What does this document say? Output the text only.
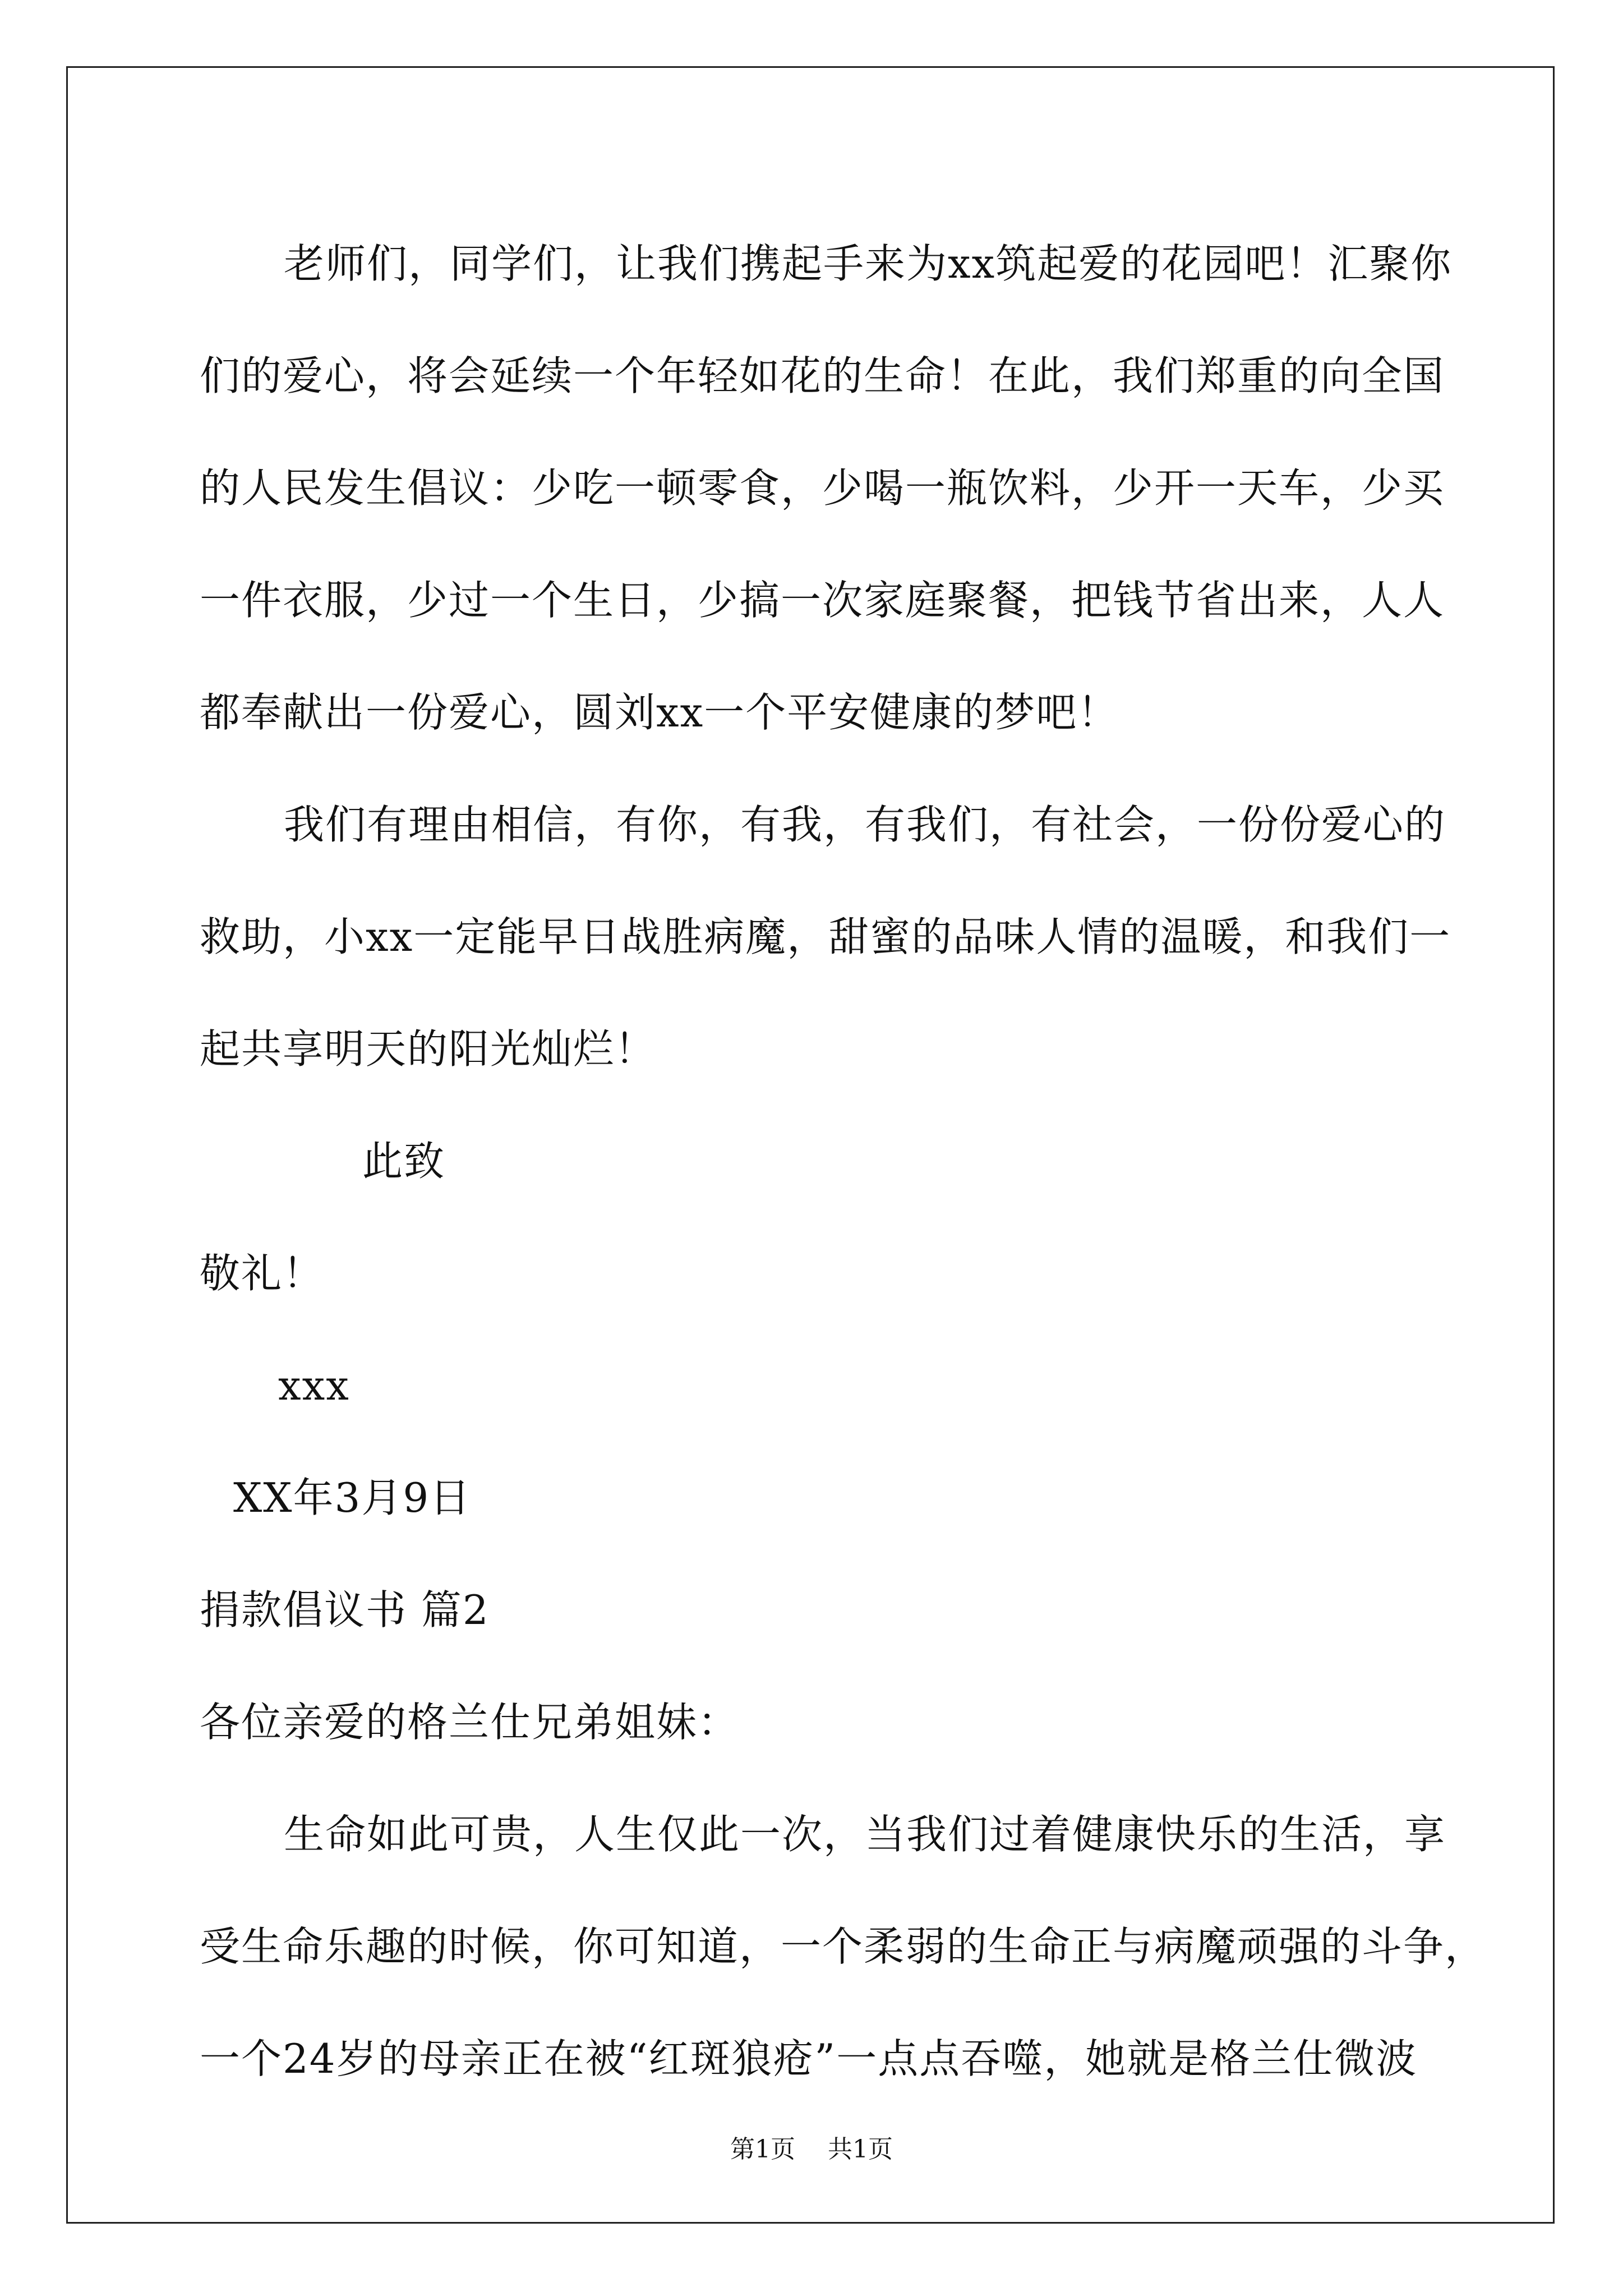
老师们，同学们，让我们携起手来为xx筑起爱的花园吧！汇聚你
们的爱心，将会延续一个年轻如花的生命！在此，我们郑重的向全国
的人民发生倡议：少吃一顿零食，少喝一瓶饮料，少开一天车，少买
一件衣服，少过一个生日，少搞一次家庭聚餐，把钱节省出来，人人
都奉献出一份爱心，圆刘xx一个平安健康的梦吧！
我们有理由相信，有你，有我，有我们，有社会，一份份爱心的
救助，小xx一定能早日战胜病魔，甜蜜的品味人情的温暖，和我们一
起共享明天的阳光灿烂！
此致
敬礼！
xxx
XX年3月9日
捐款倡议书 篇2
各位亲爱的格兰仕兄弟姐妹：
生命如此可贵，人生仅此一次，当我们过着健康快乐的生活，享
受生命乐趣的时候，你可知道，一个柔弱的生命正与病魔顽强的斗争，
一个24岁的母亲正在被“红斑狼疮”一点点吞噬，她就是格兰仕微波
第1页 共1页
